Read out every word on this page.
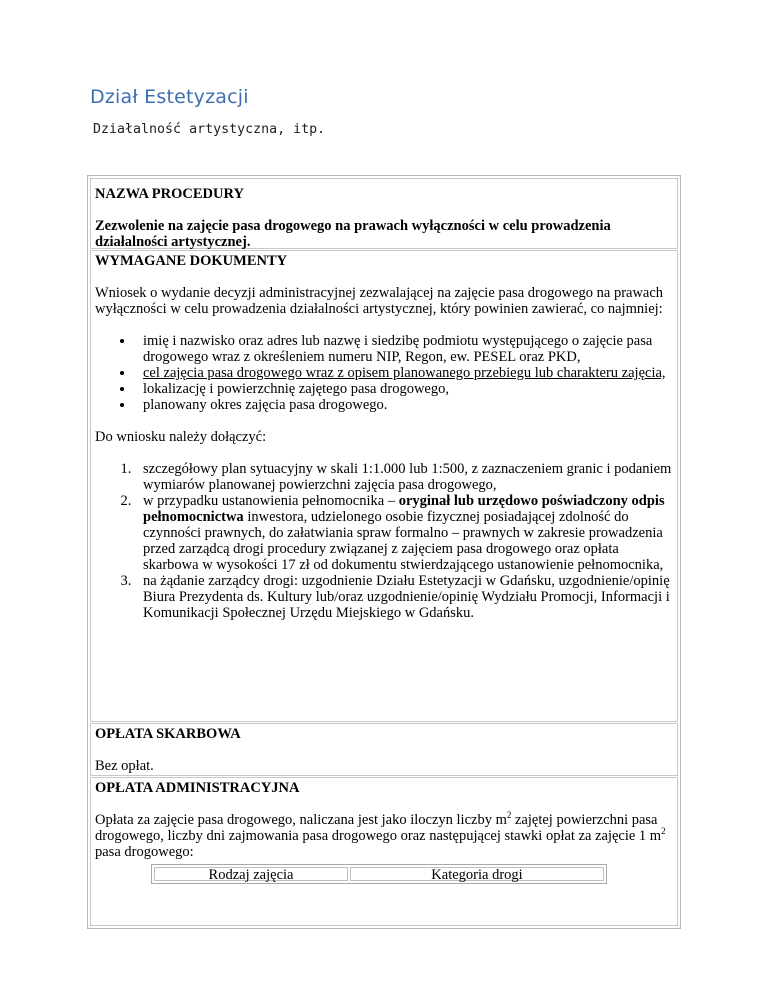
Dział Estetyzacji
Działalność artystyczna, itp.

NAZWA PROCEDURY

Zezwolenie na zajęcie pasa drogowego na prawach wyłączności w celu prowadzenia działalności artystycznej.

WYMAGANE DOKUMENTY

Wniosek o wydanie decyzji administracyjnej zezwalającej na zajęcie pasa drogowego na prawach wyłączności w celu prowadzenia działalności artystycznej, który powinien zawierać, co najmniej:

• imię i nazwisko oraz adres lub nazwę i siedzibę podmiotu występującego o zajęcie pasa drogowego wraz z określeniem numeru NIP, Regon, ew. PESEL oraz PKD,
• cel zajęcia pasa drogowego wraz z opisem planowanego przebiegu lub charakteru zajęcia,
• lokalizację i powierzchnię zajętego pasa drogowego,
• planowany okres zajęcia pasa drogowego.

Do wniosku należy dołączyć:

1. szczegółowy plan sytuacyjny w skali 1:1.000 lub 1:500, z zaznaczeniem granic i podaniem wymiarów planowanej powierzchni zajęcia pasa drogowego,
2. w przypadku ustanowienia pełnomocnika – oryginał lub urzędowo poświadczony odpis pełnomocnictwa inwestora, udzielonego osobie fizycznej posiadającej zdolność do czynności prawnych, do załatwiania spraw formalno – prawnych w zakresie prowadzenia przed zarządcą drogi procedury związanej z zajęciem pasa drogowego oraz opłata skarbowa w wysokości 17 zł od dokumentu stwierdzającego ustanowienie pełnomocnika,
3. na żądanie zarządcy drogi: uzgodnienie Działu Estetyzacji w Gdańsku, uzgodnienie/opinię Biura Prezydenta ds. Kultury lub/oraz uzgodnienie/opinię Wydziału Promocji, Informacji i Komunikacji Społecznej Urzędu Miejskiego w Gdańsku.

OPŁATA SKARBOWA

Bez opłat.

OPŁATA ADMINISTRACYJNA

Opłata za zajęcie pasa drogowego, naliczana jest jako iloczyn liczby $m^2$ zajętej powierzchni pasa drogowego, liczby dni zajmowania pasa drogowego oraz następującej stawki opłat za zajęcie 1 $m^2$ pasa drogowego:

Rodzaj zajęcia	Kategoria drogi
